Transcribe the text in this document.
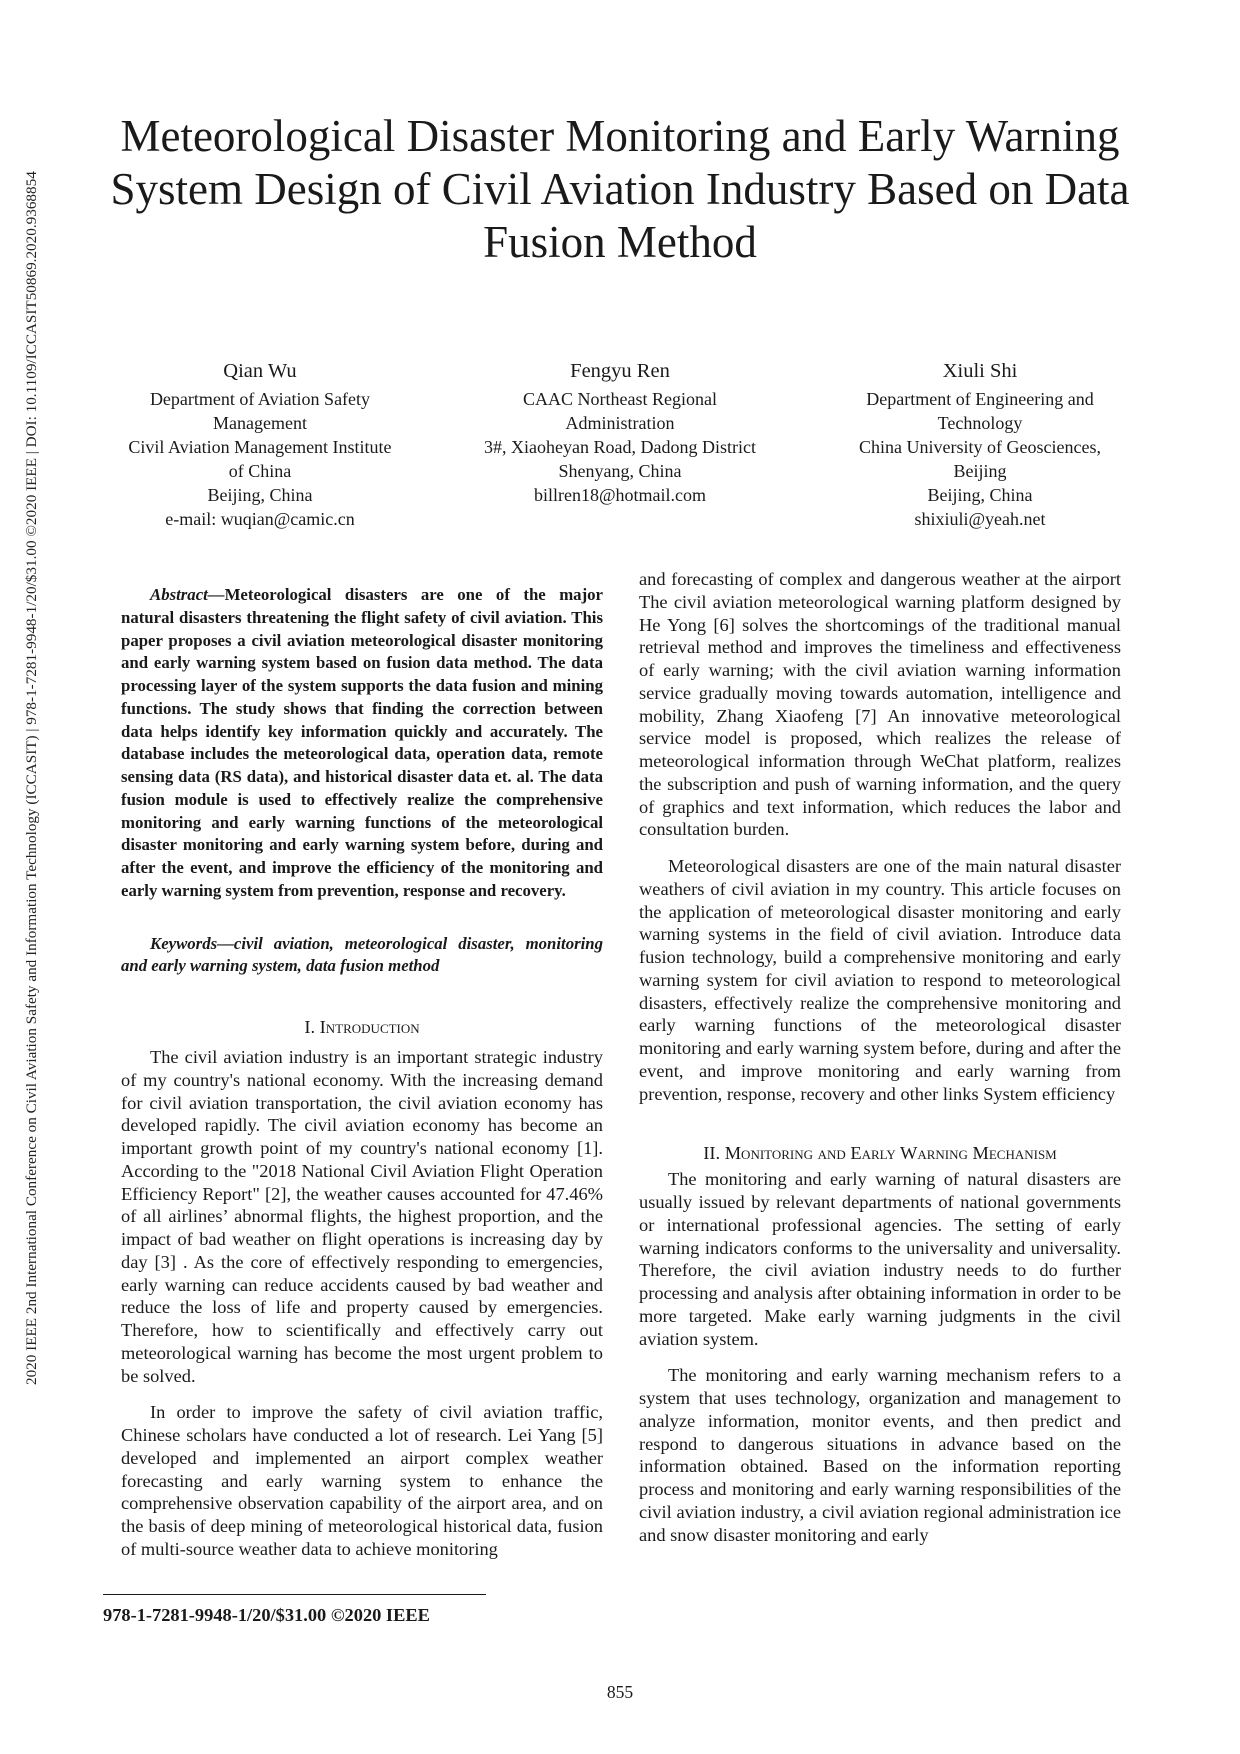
2020 IEEE 2nd International Conference on Civil Aviation Safety and Information Technology (ICCASIT) | 978-1-7281-9948-1/20/$31.00 ©2020 IEEE | DOI: 10.1109/ICCASIT50869.2020.9368854
Meteorological Disaster Monitoring and Early Warning System Design of Civil Aviation Industry Based on Data Fusion Method
Qian Wu
Department of Aviation Safety
Management
Civil Aviation Management Institute
of China
Beijing, China
e-mail: wuqian@camic.cn
Fengyu Ren
CAAC Northeast Regional
Administration
3#, Xiaoheyan Road, Dadong District
Shenyang, China
billren18@hotmail.com
Xiuli Shi
Department of Engineering and
Technology
China University of Geosciences,
Beijing
Beijing, China
shixiuli@yeah.net

Abstract—Meteorological disasters are one of the major natural disasters threatening the flight safety of civil aviation. This paper proposes a civil aviation meteorological disaster monitoring and early warning system based on fusion data method. The data processing layer of the system supports the data fusion and mining functions. The study shows that finding the correction between data helps identify key information quickly and accurately. The database includes the meteorological data, operation data, remote sensing data (RS data), and historical disaster data et. al. The data fusion module is used to effectively realize the comprehensive monitoring and early warning functions of the meteorological disaster monitoring and early warning system before, during and after the event, and improve the efficiency of the monitoring and early warning system from prevention, response and recovery.

Keywords—civil aviation, meteorological disaster, monitoring and early warning system, data fusion method

I. Introduction

The civil aviation industry is an important strategic industry of my country's national economy. With the increasing demand for civil aviation transportation, the civil aviation economy has developed rapidly. The civil aviation economy has become an important growth point of my country's national economy [1]. According to the "2018 National Civil Aviation Flight Operation Efficiency Report" [2], the weather causes accounted for 47.46% of all airlines’ abnormal flights, the highest proportion, and the impact of bad weather on flight operations is increasing day by day [3] . As the core of effectively responding to emergencies, early warning can reduce accidents caused by bad weather and reduce the loss of life and property caused by emergencies. Therefore, how to scientifically and effectively carry out meteorological warning has become the most urgent problem to be solved.

In order to improve the safety of civil aviation traffic, Chinese scholars have conducted a lot of research. Lei Yang [5] developed and implemented an airport complex weather forecasting and early warning system to enhance the comprehensive observation capability of the airport area, and on the basis of deep mining of meteorological historical data, fusion of multi-source weather data to achieve monitoring

and forecasting of complex and dangerous weather at the airport The civil aviation meteorological warning platform designed by He Yong [6] solves the shortcomings of the traditional manual retrieval method and improves the timeliness and effectiveness of early warning; with the civil aviation warning information service gradually moving towards automation, intelligence and mobility, Zhang Xiaofeng [7] An innovative meteorological service model is proposed, which realizes the release of meteorological information through WeChat platform, realizes the subscription and push of warning information, and the query of graphics and text information, which reduces the labor and consultation burden.

Meteorological disasters are one of the main natural disaster weathers of civil aviation in my country. This article focuses on the application of meteorological disaster monitoring and early warning systems in the field of civil aviation. Introduce data fusion technology, build a comprehensive monitoring and early warning system for civil aviation to respond to meteorological disasters, effectively realize the comprehensive monitoring and early warning functions of the meteorological disaster monitoring and early warning system before, during and after the event, and improve monitoring and early warning from prevention, response, recovery and other links System efficiency

II. Monitoring and Early Warning Mechanism

The monitoring and early warning of natural disasters are usually issued by relevant departments of national governments or international professional agencies. The setting of early warning indicators conforms to the universality and universality. Therefore, the civil aviation industry needs to do further processing and analysis after obtaining information in order to be more targeted. Make early warning judgments in the civil aviation system.

The monitoring and early warning mechanism refers to a system that uses technology, organization and management to analyze information, monitor events, and then predict and respond to dangerous situations in advance based on the information obtained. Based on the information reporting process and monitoring and early warning responsibilities of the civil aviation industry, a civil aviation regional administration ice and snow disaster monitoring and early

978-1-7281-9948-1/20/$31.00 ©2020 IEEE
855
